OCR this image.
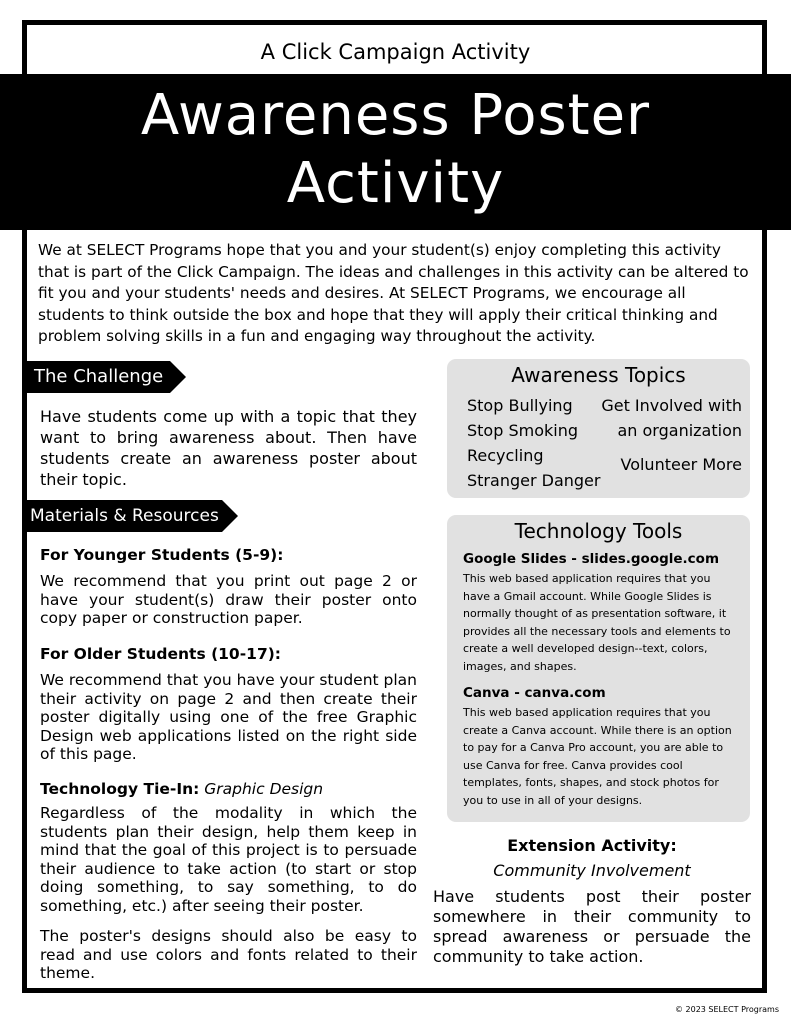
A Click Campaign Activity
Awareness Poster
Activity

We at SELECT Programs hope that you and your student(s) enjoy completing this activity that is part of the Click Campaign. The ideas and challenges in this activity can be altered to fit you and your students' needs and desires. At SELECT Programs, we encourage all students to think outside the box and hope that they will apply their critical thinking and problem solving skills in a fun and engaging way throughout the activity.

The Challenge

Have students come up with a topic that they want to bring awareness about. Then have students create an awareness poster about their topic.

Materials & Resources
For Younger Students (5-9):

We recommend that you print out page 2 or have your student(s) draw their poster onto copy paper or construction paper.

For Older Students (10-17):

We recommend that you have your student plan their activity on page 2 and then create their poster digitally using one of the free Graphic Design web applications listed on the right side of this page.

Technology Tie-In: Graphic Design

Regardless of the modality in which the students plan their design, help them keep in mind that the goal of this project is to persuade their audience to take action (to start or stop doing something, to say something, to do something, etc.) after seeing their poster.

The poster's designs should also be easy to read and use colors and fonts related to their theme.

Awareness Topics
Stop Bullying
Stop Smoking
Recycling
Stranger Danger
Get Involved with
an organization
Volunteer More
Technology Tools
Google Slides - slides.google.com
This web based application requires that you have a Gmail account. While Google Slides is normally thought of as presentation software, it provides all the necessary tools and elements to create a well developed design--text, colors, images, and shapes.
Canva - canva.com
This web based application requires that you create a Canva account. While there is an option to pay for a Canva Pro account, you are able to use Canva for free. Canva provides cool templates, fonts, shapes, and stock photos for you to use in all of your designs.
Extension Activity:
Community Involvement

Have students post their poster somewhere in their community to spread awareness or persuade the community to take action.

© 2023 SELECT Programs
